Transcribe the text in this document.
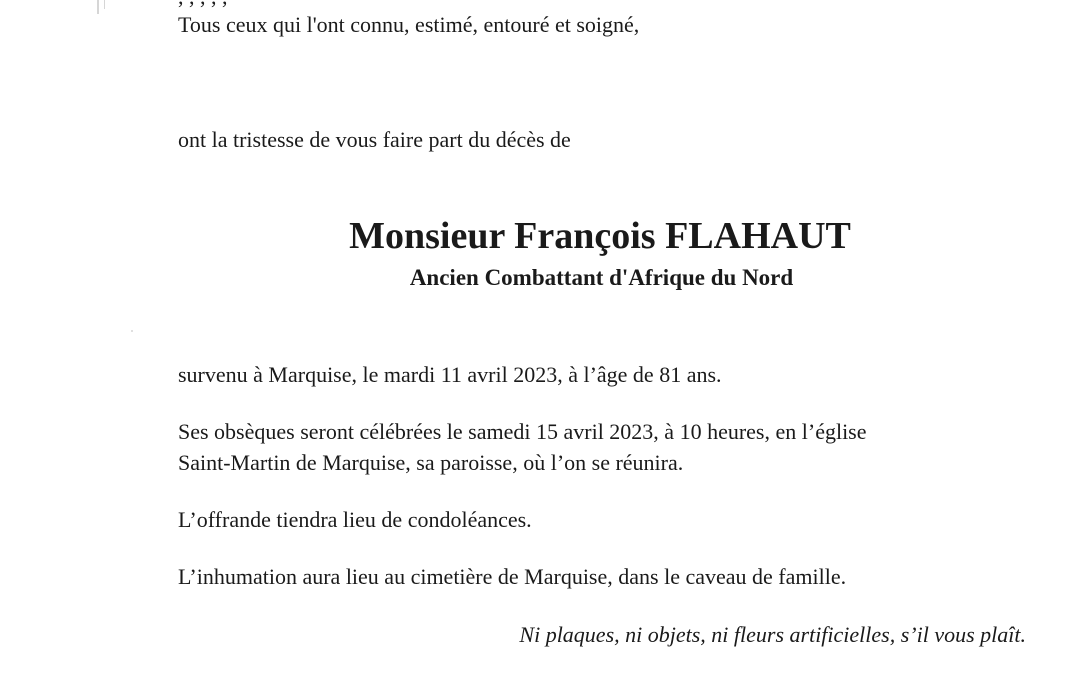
Tous ceux qui l'ont connu, estimé, entouré et soigné,
ont la tristesse de vous faire part du décès de
Monsieur François FLAHAUT
Ancien Combattant d'Afrique du Nord
survenu à Marquise, le mardi 11 avril 2023, à l’âge de 81 ans.
Ses obsèques seront célébrées le samedi 15 avril 2023, à 10 heures, en l’église
Saint-Martin de Marquise, sa paroisse, où l’on se réunira.
L’offrande tiendra lieu de condoléances.
L’inhumation aura lieu au cimetière de Marquise, dans le caveau de famille.
Ni plaques, ni objets, ni fleurs artificielles, s’il vous plaît.
